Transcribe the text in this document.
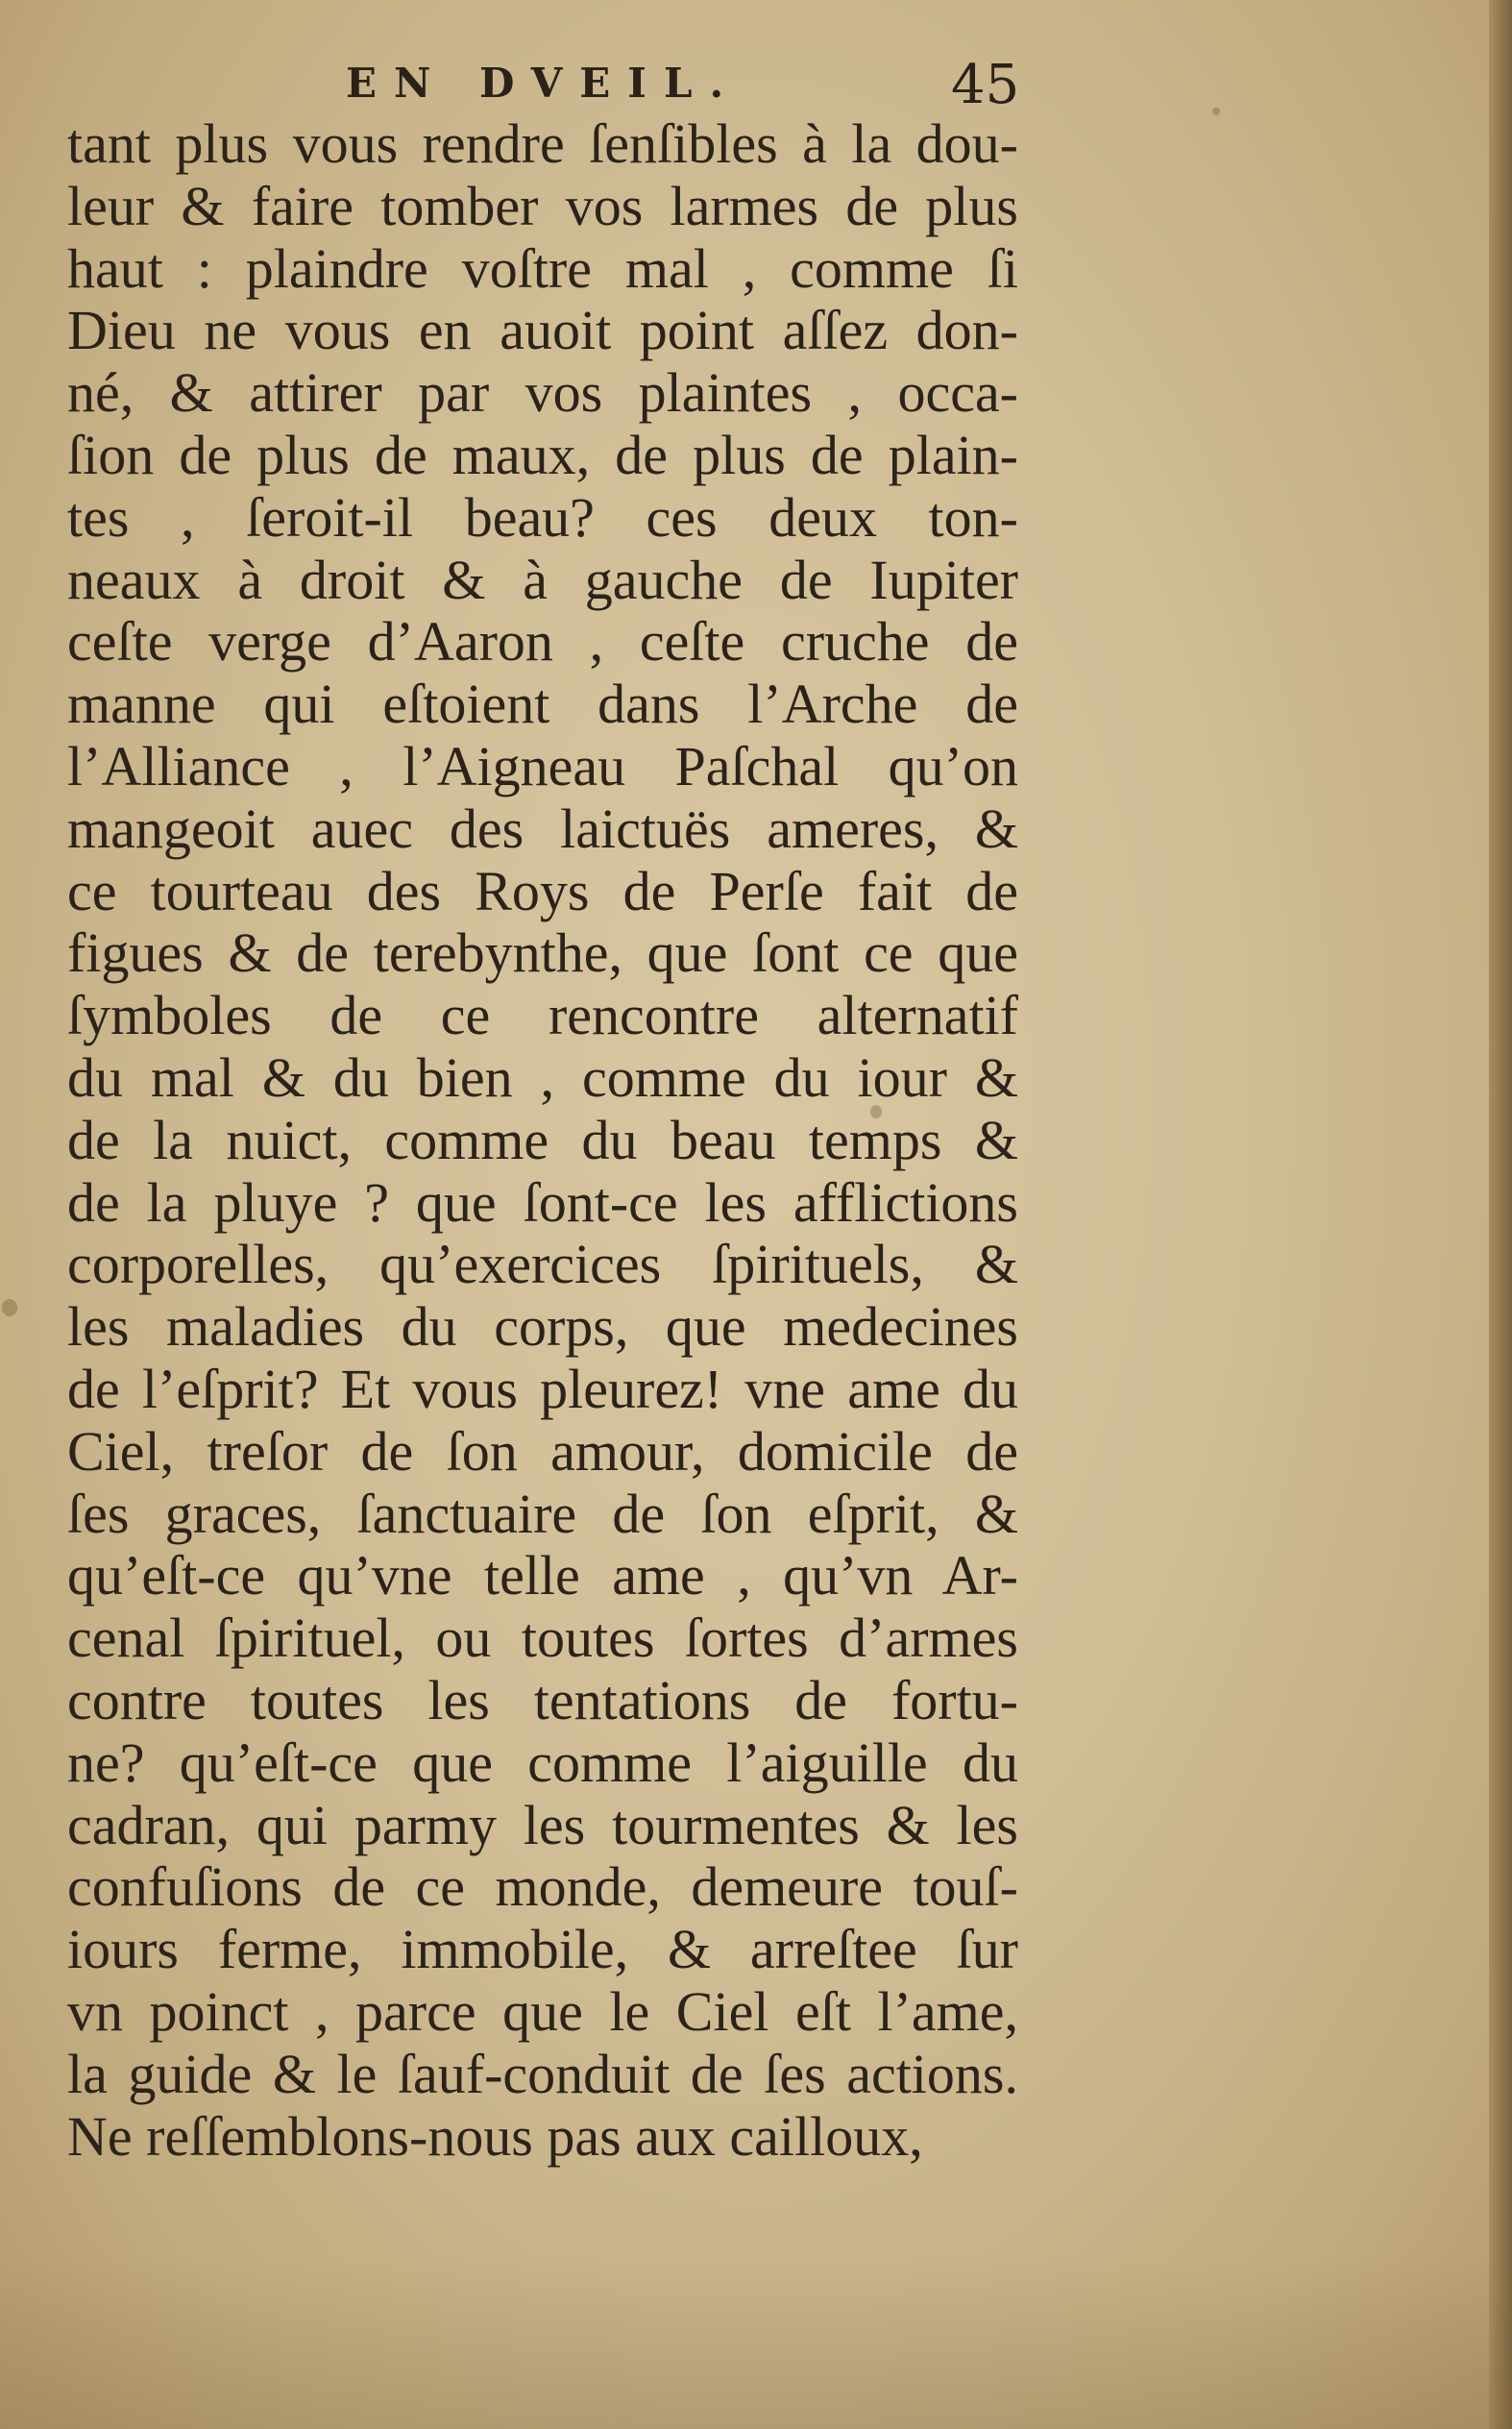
EN DVEIL.	45
tant plus vous rendre ſenſibles à la dou-
leur & faire tomber vos larmes de plus
haut : plaindre voſtre mal , comme ſi
Dieu ne vous en auoit point aſſez don-
né, & attirer par vos plaintes , occa-
ſion de plus de maux, de plus de plain-
tes , ſeroit-il beau? ces deux ton-
neaux à droit & à gauche de Iupiter
ceſte verge d’Aaron , ceſte cruche de
manne qui eſtoient dans l’Arche de
l’Alliance , l’Aigneau Paſchal qu’on
mangeoit auec des laictuës ameres, &
ce tourteau des Roys de Perſe fait de
figues & de terebynthe, que ſont ce que
ſymboles de ce rencontre alternatif
du mal & du bien , comme du iour &
de la nuict, comme du beau temps &
de la pluye ? que ſont-ce les afflictions
corporelles, qu’exercices ſpirituels, &
les maladies du corps, que medecines
de l’eſprit? Et vous pleurez! vne ame du
Ciel, treſor de ſon amour, domicile de
ſes graces, ſanctuaire de ſon eſprit, &
qu’eſt-ce qu’vne telle ame , qu’vn Ar-
cenal ſpirituel, ou toutes ſortes d’armes
contre toutes les tentations de fortu-
ne? qu’eſt-ce que comme l’aiguille du
cadran, qui parmy les tourmentes & les
confuſions de ce monde, demeure touſ-
iours ferme, immobile, & arreſtee ſur
vn poinct , parce que le Ciel eſt l’ame,
la guide & le ſauf-conduit de ſes actions.
Ne reſſemblons-nous pas aux cailloux,
